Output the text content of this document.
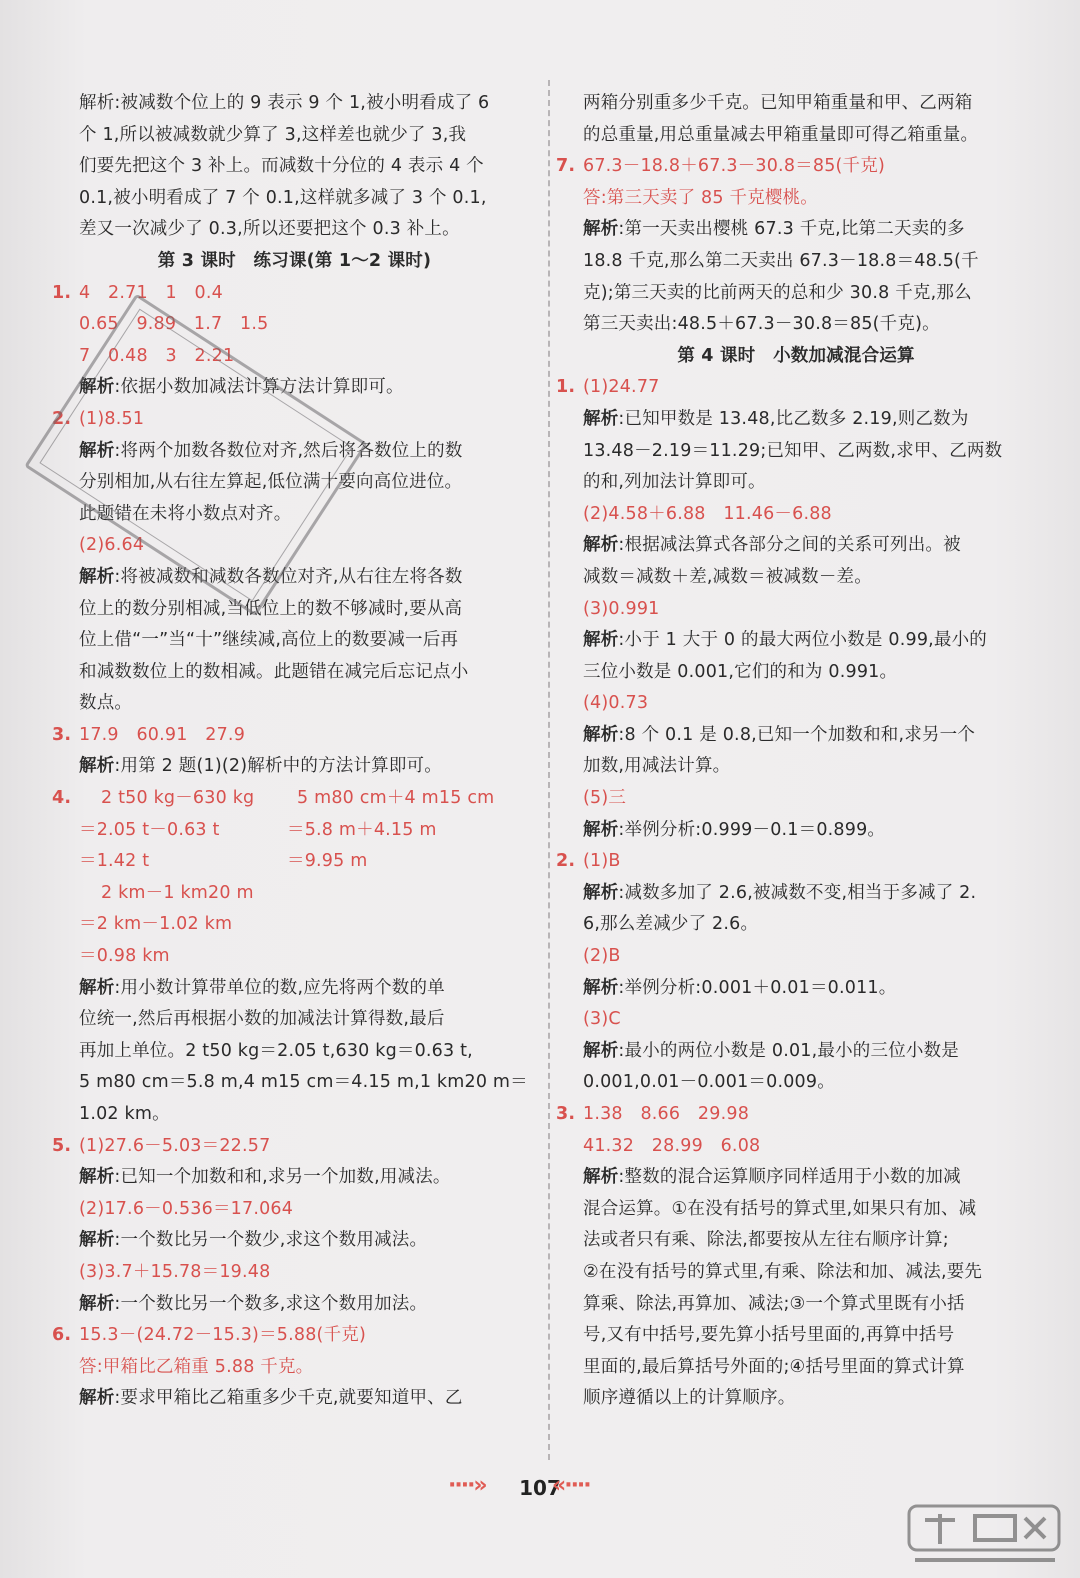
解析:被减数个位上的 9 表示 9 个 1,被小明看成了 6
个 1,所以被减数就少算了 3,这样差也就少了 3,我
们要先把这个 3 补上。而减数十分位的 4 表示 4 个
0.1,被小明看成了 7 个 0.1,这样就多减了 3 个 0.1,
差又一次减少了 0.3,所以还要把这个 0.3 补上。
第 3 课时　练习课(第 1～2 课时)
1. 4　2.71　1　0.4
0.65　9.89　1.7　1.5
7　0.48　3　2.21
解析:依据小数加减法计算方法计算即可。
2. (1)8.51
解析:将两个加数各数位对齐,然后将各数位上的数
分别相加,从右往左算起,低位满十要向高位进位。
此题错在未将小数点对齐。
(2)6.64
解析:将被减数和减数各数位对齐,从右往左将各数
位上的数分别相减,当低位上的数不够减时,要从高
位上借“一”当“十”继续减,高位上的数要减一后再
和减数数位上的数相减。此题错在减完后忘记点小
数点。
3. 17.9　60.91　27.9
解析:用第 2 题(1)(2)解析中的方法计算即可。
4. 2 t50 kg－630 kg 5 m80 cm＋4 m15 cm
＝2.05 t－0.63 t	＝5.8 m＋4.15 m
＝1.42 t	＝9.95 m
2 km－1 km20 m
＝2 km－1.02 km
＝0.98 km
解析:用小数计算带单位的数,应先将两个数的单
位统一,然后再根据小数的加减法计算得数,最后
再加上单位。2 t50 kg＝2.05 t,630 kg＝0.63 t,
5 m80 cm＝5.8 m,4 m15 cm＝4.15 m,1 km20 m＝
1.02 km。
5. (1)27.6－5.03＝22.57
解析:已知一个加数和和,求另一个加数,用减法。
(2)17.6－0.536＝17.064
解析:一个数比另一个数少,求这个数用减法。
(3)3.7＋15.78＝19.48
解析:一个数比另一个数多,求这个数用加法。
6. 15.3－(24.72－15.3)＝5.88(千克)
答:甲箱比乙箱重 5.88 千克。
解析:要求甲箱比乙箱重多少千克,就要知道甲、乙
两箱分别重多少千克。已知甲箱重量和甲、乙两箱
的总重量,用总重量减去甲箱重量即可得乙箱重量。
7. 67.3－18.8＋67.3－30.8＝85(千克)
答:第三天卖了 85 千克樱桃。
解析:第一天卖出樱桃 67.3 千克,比第二天卖的多
18.8 千克,那么第二天卖出 67.3－18.8＝48.5(千
克);第三天卖的比前两天的总和少 30.8 千克,那么
第三天卖出:48.5＋67.3－30.8＝85(千克)。
第 4 课时　小数加减混合运算
1. (1)24.77
解析:已知甲数是 13.48,比乙数多 2.19,则乙数为
13.48－2.19＝11.29;已知甲、乙两数,求甲、乙两数
的和,列加法计算即可。
(2)4.58＋6.88　11.46－6.88
解析:根据减法算式各部分之间的关系可列出。被
减数＝减数＋差,减数＝被减数－差。
(3)0.991
解析:小于 1 大于 0 的最大两位小数是 0.99,最小的
三位小数是 0.001,它们的和为 0.991。
(4)0.73
解析:8 个 0.1 是 0.8,已知一个加数和和,求另一个
加数,用减法计算。
(5)三
解析:举例分析:0.999－0.1＝0.899。
2. (1)B
解析:减数多加了 2.6,被减数不变,相当于多减了 2.
6,那么差减少了 2.6。
(2)B
解析:举例分析:0.001＋0.01＝0.011。
(3)C
解析:最小的两位小数是 0.01,最小的三位小数是
0.001,0.01－0.001＝0.009。
3. 1.38　8.66　29.98
41.32　28.99　6.08
解析:整数的混合运算顺序同样适用于小数的加减
混合运算。①在没有括号的算式里,如果只有加、减
法或者只有乘、除法,都要按从左往右顺序计算;
②在没有括号的算式里,有乘、除法和加、减法,要先
算乘、除法,再算加、减法;③一个算式里既有小括
号,又有中括号,要先算小括号里面的,再算中括号
里面的,最后算括号外面的;④括号里面的算式计算
顺序遵循以上的计算顺序。
····»	107
«····
